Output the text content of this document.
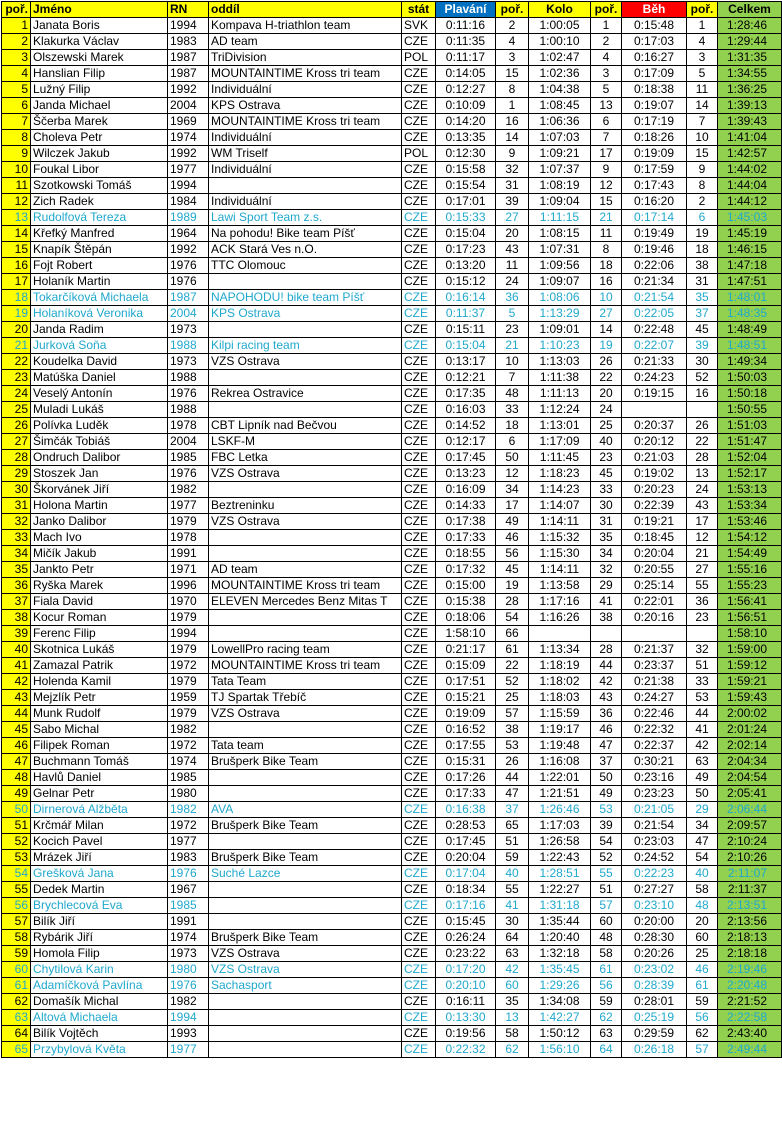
poř.	Jméno	RN	oddíl	stát	Plavání	poř.	Kolo	poř.	Běh	poř.	Celkem
1	Janata Boris	1994	Kompava H-triathlon team	SVK	0:11:16	2	1:00:05	1	0:15:48	1	1:28:46
2	Klakurka Václav	1983	AD team	CZE	0:11:35	4	1:00:10	2	0:17:03	4	1:29:44
3	Olszewski Marek	1987	TriDivision	POL	0:11:17	3	1:02:47	4	0:16:27	3	1:31:35
4	Hanslian Filip	1987	MOUNTAINTIME Kross tri team	CZE	0:14:05	15	1:02:36	3	0:17:09	5	1:34:55
5	Lužný Filip	1992	Individuální	CZE	0:12:27	8	1:04:38	5	0:18:38	11	1:36:25
6	Janda Michael	2004	KPS Ostrava	CZE	0:10:09	1	1:08:45	13	0:19:07	14	1:39:13
7	Ščerba Marek	1969	MOUNTAINTIME Kross tri team	CZE	0:14:20	16	1:06:36	6	0:17:19	7	1:39:43
8	Choleva Petr	1974	Individuální	CZE	0:13:35	14	1:07:03	7	0:18:26	10	1:41:04
9	Wilczek Jakub	1992	WM Triself	POL	0:12:30	9	1:09:21	17	0:19:09	15	1:42:57
10	Foukal Libor	1977	Individuální	CZE	0:15:58	32	1:07:37	9	0:17:59	9	1:44:02
11	Szotkowski Tomáš	1994		CZE	0:15:54	31	1:08:19	12	0:17:43	8	1:44:04
12	Zich Radek	1984	Individuální	CZE	0:17:01	39	1:09:04	15	0:16:20	2	1:44:12
13	Rudolfová Tereza	1989	Lawi Sport Team z.s.	CZE	0:15:33	27	1:11:15	21	0:17:14	6	1:45:03
14	Křefký Manfred	1964	Na pohodu! Bike team Píšť	CZE	0:15:04	20	1:08:15	11	0:19:49	19	1:45:19
15	Knapík Štěpán	1992	ACK Stará Ves n.O.	CZE	0:17:23	43	1:07:31	8	0:19:46	18	1:46:15
16	Fojt Robert	1976	TTC Olomouc	CZE	0:13:20	11	1:09:56	18	0:22:06	38	1:47:18
17	Holaník Martin	1976		CZE	0:15:12	24	1:09:07	16	0:21:34	31	1:47:51
18	Tokarčíková Michaela	1987	NAPOHODU! bike team Píšť	CZE	0:16:14	36	1:08:06	10	0:21:54	35	1:48:01
19	Holaníková Veronika	2004	KPS Ostrava	CZE	0:11:37	5	1:13:29	27	0:22:05	37	1:48:35
20	Janda Radim	1973		CZE	0:15:11	23	1:09:01	14	0:22:48	45	1:48:49
21	Jurková Soňa	1988	Kilpi racing team	CZE	0:15:04	21	1:10:23	19	0:22:07	39	1:48:51
22	Koudelka David	1973	VZS Ostrava	CZE	0:13:17	10	1:13:03	26	0:21:33	30	1:49:34
23	Matúška Daniel	1988		CZE	0:12:21	7	1:11:38	22	0:24:23	52	1:50:03
24	Veselý Antonín	1976	Rekrea Ostravice	CZE	0:17:35	48	1:11:13	20	0:19:15	16	1:50:18
25	Muladi Lukáš	1988		CZE	0:16:03	33	1:12:24	24			1:50:55
26	Polívka Luděk	1978	CBT Lipník nad Bečvou	CZE	0:14:52	18	1:13:01	25	0:20:37	26	1:51:03
27	Šimčák Tobiáš	2004	LSKF-M	CZE	0:12:17	6	1:17:09	40	0:20:12	22	1:51:47
28	Ondruch Dalibor	1985	FBC Letka	CZE	0:17:45	50	1:11:45	23	0:21:03	28	1:52:04
29	Stoszek Jan	1976	VZS Ostrava	CZE	0:13:23	12	1:18:23	45	0:19:02	13	1:52:17
30	Škorvánek Jiří	1982		CZE	0:16:09	34	1:14:23	33	0:20:23	24	1:53:13
31	Holona Martin	1977	Beztreninku	CZE	0:14:33	17	1:14:07	30	0:22:39	43	1:53:34
32	Janko Dalibor	1979	VZS Ostrava	CZE	0:17:38	49	1:14:11	31	0:19:21	17	1:53:46
33	Mach Ivo	1978		CZE	0:17:33	46	1:15:32	35	0:18:45	12	1:54:12
34	Mičík Jakub	1991		CZE	0:18:55	56	1:15:30	34	0:20:04	21	1:54:49
35	Jankto Petr	1971	AD team	CZE	0:17:32	45	1:14:11	32	0:20:55	27	1:55:16
36	Ryška Marek	1996	MOUNTAINTIME Kross tri team	CZE	0:15:00	19	1:13:58	29	0:25:14	55	1:55:23
37	Fiala David	1970	ELEVEN Mercedes Benz Mitas T	CZE	0:15:38	28	1:17:16	41	0:22:01	36	1:56:41
38	Kocur Roman	1979		CZE	0:18:06	54	1:16:26	38	0:20:16	23	1:56:51
39	Ferenc Filip	1994		CZE	1:58:10	66					1:58:10
40	Skotnica Lukáš	1979	LowellPro racing team	CZE	0:21:17	61	1:13:34	28	0:21:37	32	1:59:00
41	Zamazal Patrik	1972	MOUNTAINTIME Kross tri team	CZE	0:15:09	22	1:18:19	44	0:23:37	51	1:59:12
42	Holenda Kamil	1979	Tata Team	CZE	0:17:51	52	1:18:02	42	0:21:38	33	1:59:21
43	Mejzlík Petr	1959	TJ Spartak Třebíč	CZE	0:15:21	25	1:18:03	43	0:24:27	53	1:59:43
44	Munk Rudolf	1979	VZS Ostrava	CZE	0:19:09	57	1:15:59	36	0:22:46	44	2:00:02
45	Sabo Michal	1982		CZE	0:16:52	38	1:19:17	46	0:22:32	41	2:01:24
46	Filipek Roman	1972	Tata team	CZE	0:17:55	53	1:19:48	47	0:22:37	42	2:02:14
47	Buchmann Tomáš	1974	Brušperk Bike Team	CZE	0:15:31	26	1:16:08	37	0:30:21	63	2:04:34
48	Havlů Daniel	1985		CZE	0:17:26	44	1:22:01	50	0:23:16	49	2:04:54
49	Gelnar Petr	1980		CZE	0:17:33	47	1:21:51	49	0:23:23	50	2:05:41
50	Dirnerová Alžběta	1982	AVA	CZE	0:16:38	37	1:26:46	53	0:21:05	29	2:06:44
51	Krčmář Milan	1972	Brušperk Bike Team	CZE	0:28:53	65	1:17:03	39	0:21:54	34	2:09:57
52	Kocich Pavel	1977		CZE	0:17:45	51	1:26:58	54	0:23:03	47	2:10:24
53	Mrázek Jiří	1983	Brušperk Bike Team	CZE	0:20:04	59	1:22:43	52	0:24:52	54	2:10:26
54	Grešková Jana	1976	Suché Lazce	CZE	0:17:04	40	1:28:51	55	0:22:23	40	2:11:07
55	Dedek Martin	1967		CZE	0:18:34	55	1:22:27	51	0:27:27	58	2:11:37
56	Brychlecová Eva	1985		CZE	0:17:16	41	1:31:18	57	0:23:10	48	2:13:51
57	Bilík Jiří	1991		CZE	0:15:45	30	1:35:44	60	0:20:00	20	2:13:56
58	Rybárik Jiří	1974	Brušperk Bike Team	CZE	0:26:24	64	1:20:40	48	0:28:30	60	2:18:13
59	Homola Filip	1973	VZS Ostrava	CZE	0:23:22	63	1:32:18	58	0:20:26	25	2:18:18
60	Chytilová Karin	1980	VZS Ostrava	CZE	0:17:20	42	1:35:45	61	0:23:02	46	2:19:46
61	Adamíčková Pavlína	1976	Sachasport	CZE	0:20:10	60	1:29:26	56	0:28:39	61	2:20:48
62	Domašík Michal	1982		CZE	0:16:11	35	1:34:08	59	0:28:01	59	2:21:52
63	Altová Michaela	1994		CZE	0:13:30	13	1:42:27	62	0:25:19	56	2:22:58
64	Bilík Vojtěch	1993		CZE	0:19:56	58	1:50:12	63	0:29:59	62	2:43:40
65	Przybylová Květa	1977		CZE	0:22:32	62	1:56:10	64	0:26:18	57	2:49:44
